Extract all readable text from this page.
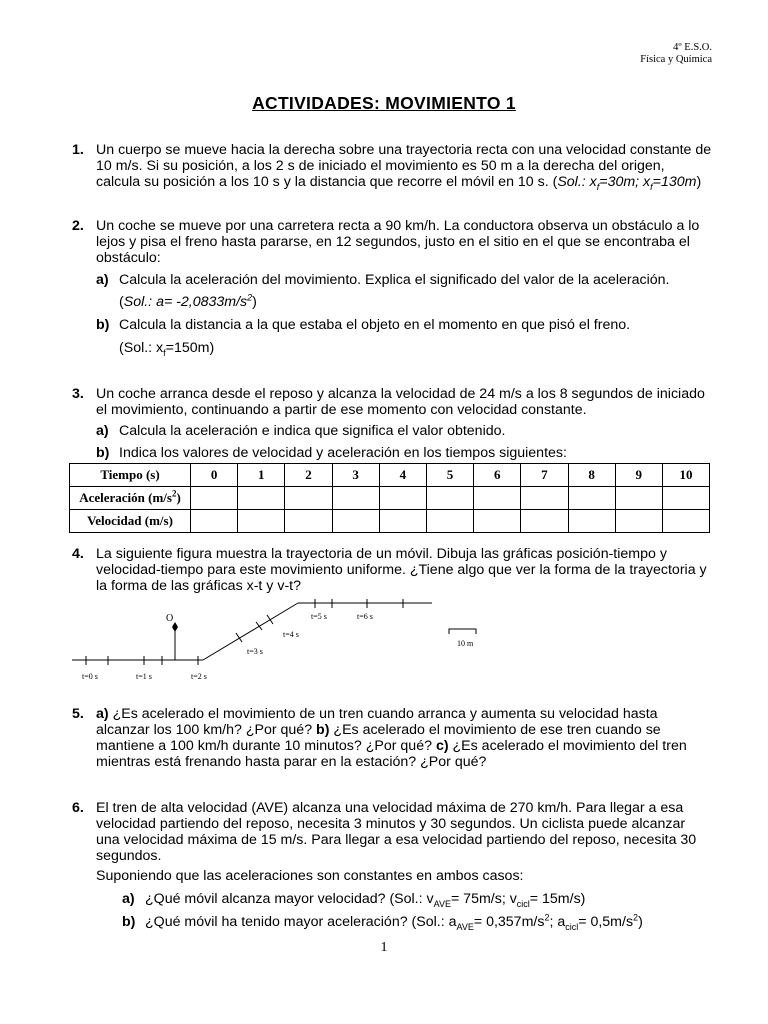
4º E.S.O.
Física y Química
ACTIVIDADES: MOVIMIENTO 1
1. Un cuerpo se mueve hacia la derecha sobre una trayectoria recta con una velocidad constante de
10 m/s. Si su posición, a los 2 s de iniciado el movimiento es 50 m a la derecha del origen,
calcula su posición a los 10 s y la distancia que recorre el móvil en 10 s. (Sol.: $x_f=30m$; $x_f=130m$)
2. Un coche se mueve por una carretera recta a 90 km/h. La conductora observa un obstáculo a lo
lejos y pisa el freno hasta pararse, en 12 segundos, justo en el sitio en el que se encontraba el
obstáculo:
a) Calcula la aceleración del movimiento. Explica el significado del valor de la aceleración.
(Sol.: $a= -2,0833m/s^2$)
b) Calcula la distancia a la que estaba el objeto en el momento en que pisó el freno.
(Sol.: $x_f=150m$)
3. Un coche arranca desde el reposo y alcanza la velocidad de 24 m/s a los 8 segundos de iniciado
el movimiento, continuando a partir de ese momento con velocidad constante.
a) Calcula la aceleración e indica que significa el valor obtenido.
b) Indica los valores de velocidad y aceleración en los tiempos siguientes:
Tiempo (s)	0	1	2	3	4	5	6	7	8	9	10
Aceleración $(m/s^2)$											
Velocidad (m/s)											
4. La siguiente figura muestra la trayectoria de un móvil. Dibuja las gráficas posición-tiempo y
velocidad-tiempo para este movimiento uniforme. ¿Tiene algo que ver la forma de la trayectoria y
la forma de las gráficas x-t y v-t?
O
t=0 s	t=1 s	t=2 s
t=3 s
t=4 s
t=5 s	t=6 s
10 m
5. a) ¿Es acelerado el movimiento de un tren cuando arranca y aumenta su velocidad hasta
alcanzar los 100 km/h? ¿Por qué? b) ¿Es acelerado el movimiento de ese tren cuando se
mantiene a 100 km/h durante 10 minutos? ¿Por qué? c) ¿Es acelerado el movimiento del tren
mientras está frenando hasta parar en la estación? ¿Por qué?
6. El tren de alta velocidad (AVE) alcanza una velocidad máxima de 270 km/h. Para llegar a esa
velocidad partiendo del reposo, necesita 3 minutos y 30 segundos. Un ciclista puede alcanzar
una velocidad máxima de 15 m/s. Para llegar a esa velocidad partiendo del reposo, necesita 30
segundos.
Suponiendo que las aceleraciones son constantes en ambos casos:
a) ¿Qué móvil alcanza mayor velocidad? (Sol.: $v_{AVE}= 75m/s$; $v_{cicl}= 15m/s$)
b) ¿Qué móvil ha tenido mayor aceleración? (Sol.: $a_{AVE}= 0,357m/s^2$; $a_{cicl}= 0,5m/s^2$)
1
